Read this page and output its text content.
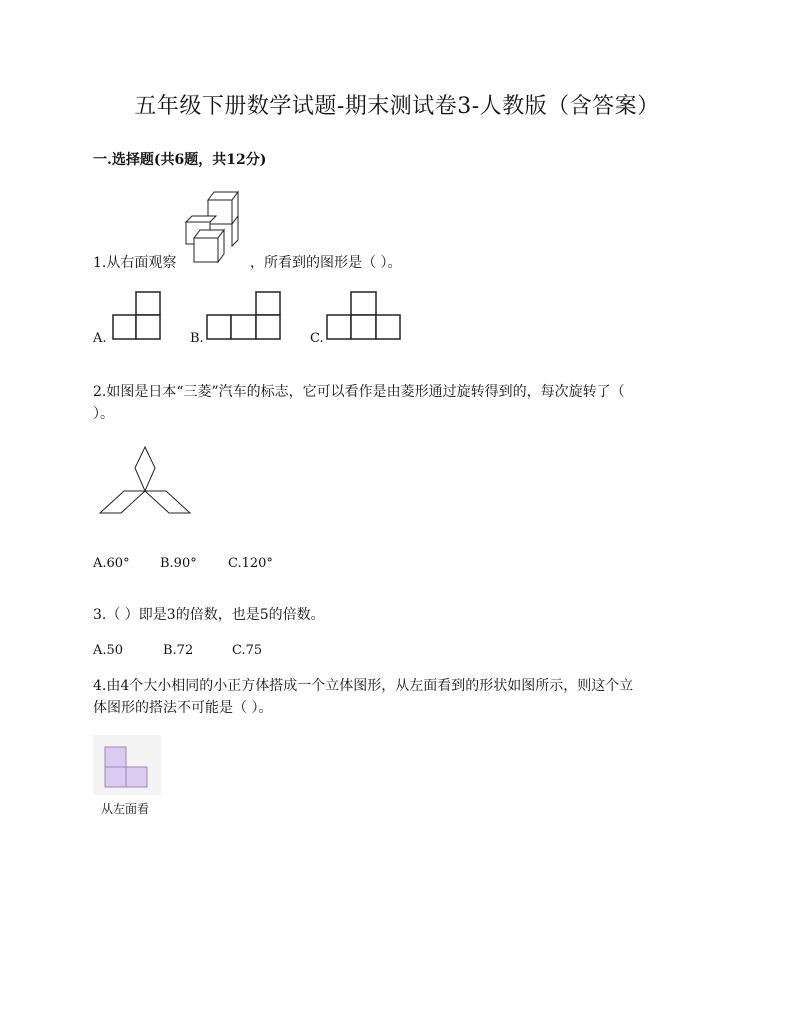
五年级下册数学试题-期末测试卷3-人教版（含答案）
一.选择题(共6题，共12分)
1.从右面观察	，所看到的图形是（ ）。
A.	B.	C.
2.如图是日本“三菱”汽车的标志，它可以看作是由菱形通过旋转得到的，每次旋转了（
）。
A.60° B.90° C.120°
3.（ ）即是3的倍数，也是5的倍数。
A.50	B.72	C.75
4.由4个大小相同的小正方体搭成一个立体图形，从左面看到的形状如图所示，则这个立
体图形的搭法不可能是（ ）。
从左面看
